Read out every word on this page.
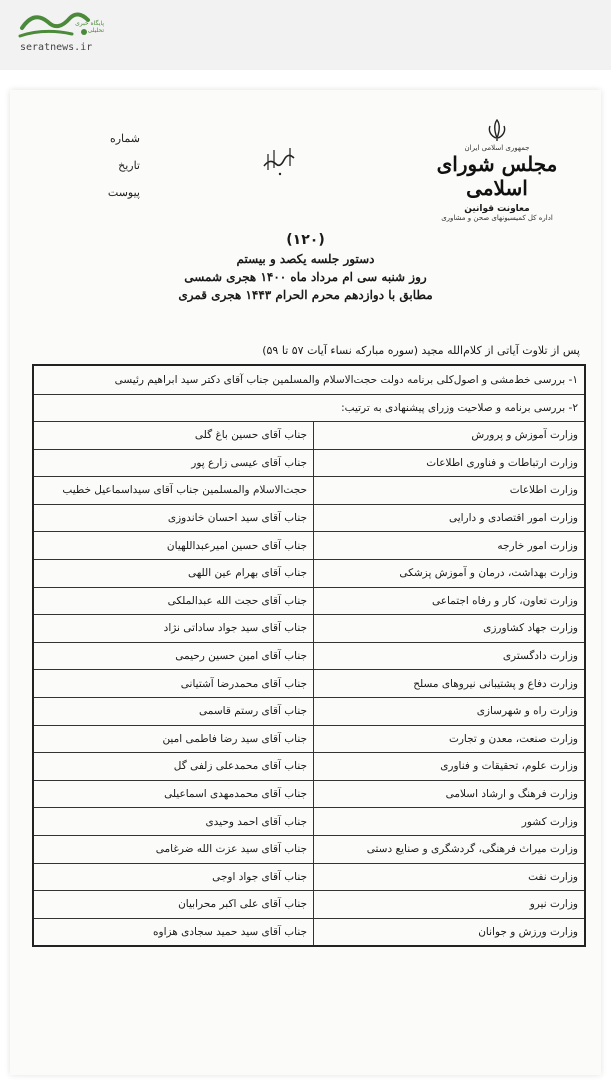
پایگاه خبری تحلیلی
seratnews.ir
شماره
تاریخ
پیوست
جمهوری اسلامی ایران
مجلس شورای اسلامی
معاونت قوانین
اداره کل کمیسیونهای صحن و مشاوری
(۱۲۰)
دستور جلسه یکصد و بیستم
روز شنبه سی ام مرداد ماه ۱۴۰۰ هجری شمسی
مطابق با دوازدهم محرم الحرام ۱۴۴۳ هجری قمری
پس از تلاوت آیاتی از کلام‌الله مجید (سوره مبارکه نساء آیات ۵۷ تا ۵۹)
۱- بررسی خط‌مشی و اصول‌کلی برنامه دولت حجت‌الاسلام والمسلمین جناب آقای دکتر سید ابراهیم رئیسی
۲- بررسی برنامه و صلاحیت وزرای پیشنهادی به ترتیب:
وزارت آموزش و پرورش	جناب آقای حسین باغ گلی
وزارت ارتباطات و فناوری اطلاعات	جناب آقای عیسی زارع پور
وزارت اطلاعات	حجت‌الاسلام والمسلمین جناب آقای سیداسماعیل خطیب
وزارت امور اقتصادی و دارایی	جناب آقای سید احسان خاندوزی
وزارت امور خارجه	جناب آقای حسین امیرعبداللهیان
وزارت بهداشت، درمان و آموزش پزشکی	جناب آقای بهرام عین اللهی
وزارت تعاون، کار و رفاه اجتماعی	جناب آقای حجت الله عبدالملکی
وزارت جهاد کشاورزی	جناب آقای سید جواد ساداتی نژاد
وزارت دادگستری	جناب آقای امین حسین رحیمی
وزارت دفاع و پشتیبانی نیروهای مسلح	جناب آقای محمدرضا آشتیانی
وزارت راه و شهرسازی	جناب آقای رستم قاسمی
وزارت صنعت، معدن و تجارت	جناب آقای سید رضا فاطمی امین
وزارت علوم، تحقیقات و فناوری	جناب آقای محمدعلی زلفی گل
وزارت فرهنگ و ارشاد اسلامی	جناب آقای محمدمهدی اسماعیلی
وزارت کشور	جناب آقای احمد وحیدی
وزارت میراث فرهنگی، گردشگری و صنایع دستی	جناب آقای سید عزت الله ضرغامی
وزارت نفت	جناب آقای جواد اوجی
وزارت نیرو	جناب آقای علی اکبر محرابیان
وزارت ورزش و جوانان	جناب آقای سید حمید سجادی هزاوه
